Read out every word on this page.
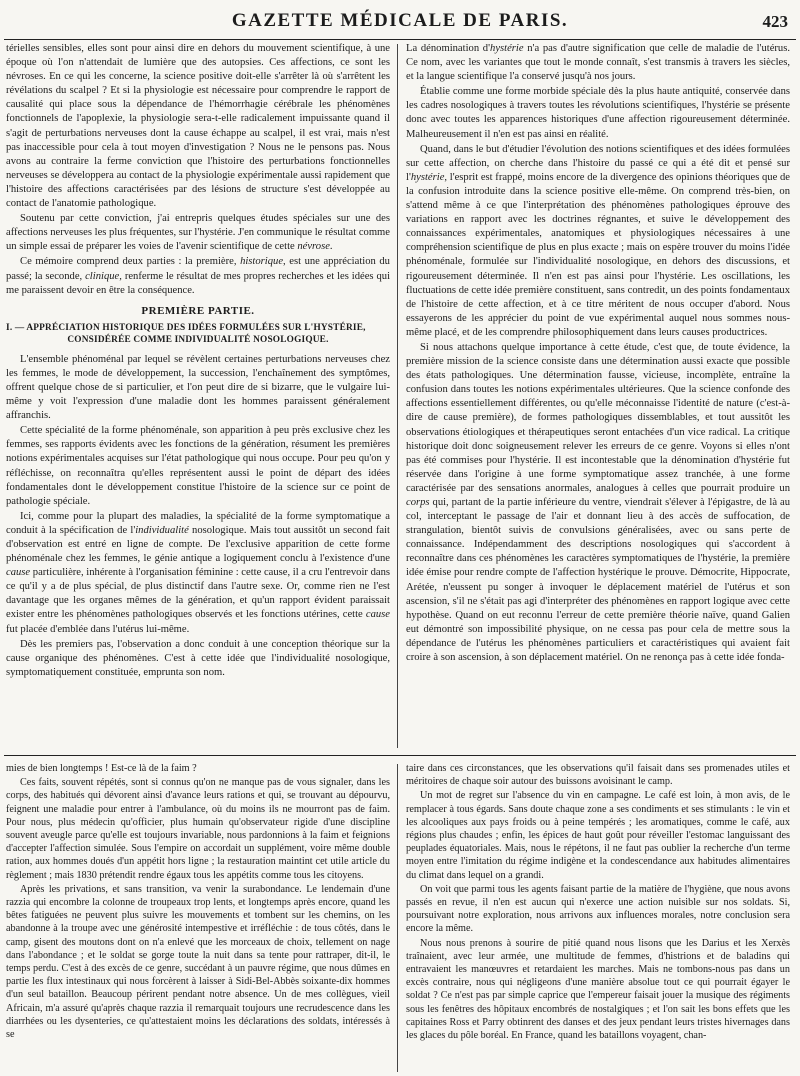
GAZETTE MÉDICALE DE PARIS.	423

térielles sensibles, elles sont pour ainsi dire en dehors du mouvement scientifique, à une époque où l'on n'attendait de lumière que des autopsies. Ces affections, ce sont les névroses. En ce qui les concerne, la science positive doit-elle s'arrêter là où s'arrêtent les révélations du scalpel ? Et si la physiologie est nécessaire pour comprendre le rapport de causalité qui place sous la dépendance de l'hémorrhagie cérébrale les phénomènes fonctionnels de l'apoplexie, la physiologie sera-t-elle radicalement impuissante quand il s'agit de perturbations nerveuses dont la cause échappe au scalpel, il est vrai, mais n'est pas inaccessible pour cela à tout moyen d'investigation ? Nous ne le pensons pas. Nous avons au contraire la ferme conviction que l'histoire des perturbations fonctionnelles nerveuses se développera au contact de la physiologie expérimentale aussi rapidement que l'histoire des affections caractérisées par des lésions de structure s'est développée au contact de l'anatomie pathologique.

Soutenu par cette conviction, j'ai entrepris quelques études spéciales sur une des affections nerveuses les plus fréquentes, sur l'hystérie. J'en communique le résultat comme un simple essai de préparer les voies de l'avenir scientifique de cette névrose.

Ce mémoire comprend deux parties : la première, historique, est une appréciation du passé; la seconde, clinique, renferme le résultat de mes propres recherches et les idées qui me paraissent devoir en être la conséquence.

PREMIÈRE PARTIE.
I. — APPRÉCIATION HISTORIQUE DES IDÉES FORMULÉES SUR L'HYSTÉRIE,
CONSIDÉRÉE COMME INDIVIDUALITÉ NOSOLOGIQUE.

L'ensemble phénoménal par lequel se révèlent certaines perturbations nerveuses chez les femmes, le mode de développement, la succession, l'enchaînement des symptômes, offrent quelque chose de si particulier, et l'on peut dire de si bizarre, que le vulgaire lui-même y voit l'expression d'une maladie dont les hommes paraissent généralement affranchis.

Cette spécialité de la forme phénoménale, son apparition à peu près exclusive chez les femmes, ses rapports évidents avec les fonctions de la génération, résument les premières notions expérimentales acquises sur l'état pathologique qui nous occupe. Pour peu qu'on y réfléchisse, on reconnaîtra qu'elles représentent aussi le point de départ des idées fondamentales dont le développement constitue l'histoire de la science sur ce point de pathologie spéciale.

Ici, comme pour la plupart des maladies, la spécialité de la forme symptomatique a conduit à la spécification de l'individualité nosologique. Mais tout aussitôt un second fait d'observation est entré en ligne de compte. De l'exclusive apparition de cette forme phénoménale chez les femmes, le génie antique a logiquement conclu à l'existence d'une cause particulière, inhérente à l'organisation féminine : cette cause, il a cru l'entrevoir dans ce qu'il y a de plus spécial, de plus distinctif dans l'autre sexe. Or, comme rien ne l'est davantage que les organes mêmes de la génération, et qu'un rapport évident paraissait exister entre les phénomènes pathologiques observés et les fonctions utérines, cette cause fut placée d'emblée dans l'utérus lui-même.

Dès les premiers pas, l'observation a donc conduit à une conception théorique sur la cause organique des phénomènes. C'est à cette idée que l'individualité nosologique, symptomatiquement constituée, emprunta son nom.

La dénomination d'hystérie n'a pas d'autre signification que celle de maladie de l'utérus. Ce nom, avec les variantes que tout le monde connaît, s'est transmis à travers les siècles, et la langue scientifique l'a conservé jusqu'à nos jours.

Établie comme une forme morbide spéciale dès la plus haute antiquité, conservée dans les cadres nosologiques à travers toutes les révolutions scientifiques, l'hystérie se présente donc avec toutes les apparences historiques d'une affection rigoureusement déterminée. Malheureusement il n'en est pas ainsi en réalité.

Quand, dans le but d'étudier l'évolution des notions scientifiques et des idées formulées sur cette affection, on cherche dans l'histoire du passé ce qui a été dit et pensé sur l'hystérie, l'esprit est frappé, moins encore de la divergence des opinions théoriques que de la confusion introduite dans la science positive elle-même. On comprend très-bien, on s'attend même à ce que l'interprétation des phénomènes pathologiques éprouve des variations en rapport avec les doctrines régnantes, et suive le développement des connaissances expérimentales, anatomiques et physiologiques nécessaires à une compréhension scientifique de plus en plus exacte ; mais on espère trouver du moins l'idée phénoménale, formulée sur l'individualité nosologique, en dehors des discussions, et rigoureusement déterminée. Il n'en est pas ainsi pour l'hystérie. Les oscillations, les fluctuations de cette idée première constituent, sans contredit, un des points fondamentaux de l'histoire de cette affection, et à ce titre méritent de nous occuper d'abord. Nous essayerons de les apprécier du point de vue expérimental auquel nous sommes nous-même placé, et de les comprendre philosophiquement dans leurs causes productrices.

Si nous attachons quelque importance à cette étude, c'est que, de toute évidence, la première mission de la science consiste dans une détermination aussi exacte que possible des états pathologiques. Une détermination fausse, vicieuse, incomplète, entraîne la confusion dans toutes les notions expérimentales ultérieures. Que la science confonde des affections essentiellement différentes, ou qu'elle méconnaisse l'identité de nature (c'est-à-dire de cause première), de formes pathologiques dissemblables, et tout aussitôt les observations étiologiques et thérapeutiques seront entachées d'un vice radical. La critique historique doit donc soigneusement relever les erreurs de ce genre. Voyons si elles n'ont pas été commises pour l'hystérie. Il est incontestable que la dénomination d'hystérie fut réservée dans l'origine à une forme symptomatique assez tranchée, à une forme caractérisée par des sensations anormales, analogues à celles que pourrait produire un corps qui, partant de la partie inférieure du ventre, viendrait s'élever à l'épigastre, de là au col, interceptant le passage de l'air et donnant lieu à des accès de suffocation, de strangulation, bientôt suivis de convulsions généralisées, avec ou sans perte de connaissance. Indépendamment des descriptions nosologiques qui s'accordent à reconnaître dans ces phénomènes les caractères symptomatiques de l'hystérie, la première idée émise pour rendre compte de l'affection hystérique le prouve. Démocrite, Hippocrate, Arétée, n'eussent pu songer à invoquer le déplacement matériel de l'utérus et son ascension, s'il ne s'était pas agi d'interpréter des phénomènes en rapport logique avec cette hypothèse. Quand on eut reconnu l'erreur de cette première théorie naïve, quand Galien eut démontré son impossibilité physique, on ne cessa pas pour cela de mettre sous la dépendance de l'utérus les phénomènes particuliers et caractéristiques qui avaient fait croire à son ascension, à son déplacement matériel. On ne renonça pas à cette idée fonda-

mies de bien longtemps ! Est-ce là de la faim ?

Ces faits, souvent répétés, sont si connus qu'on ne manque pas de vous signaler, dans les corps, des habitués qui dévorent ainsi d'avance leurs rations et qui, se trouvant au dépourvu, feignent une maladie pour entrer à l'ambulance, où du moins ils ne mourront pas de faim. Pour nous, plus médecin qu'officier, plus humain qu'observateur rigide d'une discipline souvent aveugle parce qu'elle est toujours invariable, nous pardonnions à la faim et feignions d'accepter l'affection simulée. Sous l'empire on accordait un supplément, voire même double ration, aux hommes doués d'un appétit hors ligne ; la restauration maintint cet utile article du règlement ; mais 1830 prétendit rendre égaux tous les appétits comme tous les citoyens.

Après les privations, et sans transition, va venir la surabondance. Le lendemain d'une razzia qui encombre la colonne de troupeaux trop lents, et longtemps après encore, quand les bêtes fatiguées ne peuvent plus suivre les mouvements et tombent sur les chemins, on les abandonne à la troupe avec une générosité intempestive et irréfléchie : de tous côtés, dans le camp, gisent des moutons dont on n'a enlevé que les morceaux de choix, tellement on nage dans l'abondance ; et le soldat se gorge toute la nuit dans sa tente pour rattraper, dit-il, le temps perdu. C'est à des excès de ce genre, succédant à un pauvre régime, que nous dûmes en partie les flux intestinaux qui nous forcèrent à laisser à Sidi-Bel-Abbès soixante-dix hommes d'un seul bataillon. Beaucoup périrent pendant notre absence. Un de mes collègues, vieil Africain, m'a assuré qu'après chaque razzia il remarquait toujours une recrudescence dans les diarrhées ou les dysenteries, ce qu'attestaient moins les déclarations des soldats, intéressés à se

taire dans ces circonstances, que les observations qu'il faisait dans ses promenades utiles et méritoires de chaque soir autour des buissons avoisinant le camp.

Un mot de regret sur l'absence du vin en campagne. Le café est loin, à mon avis, de le remplacer à tous égards. Sans doute chaque zone a ses condiments et ses stimulants : le vin et les alcooliques aux pays froids ou à peine tempérés ; les aromatiques, comme le café, aux régions plus chaudes ; enfin, les épices de haut goût pour réveiller l'estomac languissant des peuplades équatoriales. Mais, nous le répétons, il ne faut pas oublier la recherche d'un terme moyen entre l'imitation du régime indigène et la condescendance aux habitudes alimentaires du climat dans lequel on a grandi.

On voit que parmi tous les agents faisant partie de la matière de l'hygiène, que nous avons passés en revue, il n'en est aucun qui n'exerce une action nuisible sur nos soldats. Si, poursuivant notre exploration, nous arrivons aux influences morales, notre conclusion sera encore la même.

Nous nous prenons à sourire de pitié quand nous lisons que les Darius et les Xerxès traînaient, avec leur armée, une multitude de femmes, d'histrions et de baladins qui entravaient les manœuvres et retardaient les marches. Mais ne tombons-nous pas dans un excès contraire, nous qui négligeons d'une manière absolue tout ce qui pourrait égayer le soldat ? Ce n'est pas par simple caprice que l'empereur faisait jouer la musique des régiments sous les fenêtres des hôpitaux encombrés de nostalgiques ; et l'on sait les bons effets que les capitaines Ross et Parry obtinrent des danses et des jeux pendant leurs tristes hivernages dans les glaces du pôle boréal. En France, quand les bataillons voyagent, chan-
